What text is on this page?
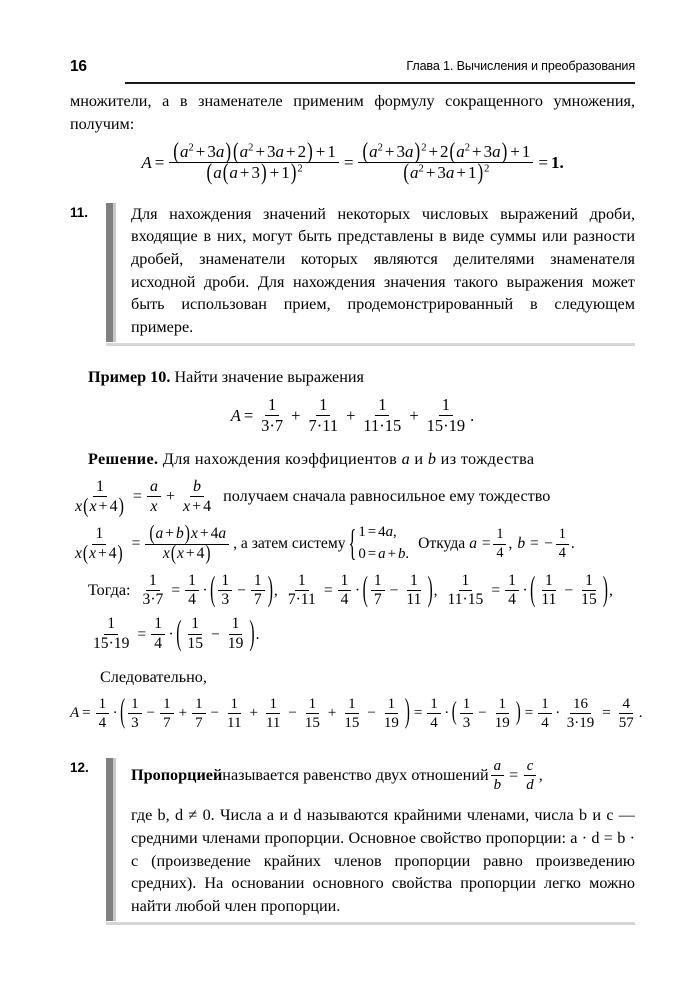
16	Глава 1. Вычисления и преобразования

множители, а в знаменателе применим формулу сокращенного умножения, получим:

$A = \frac{(a^2 + 3a) (a^2 + 3a + 2) + 1}{(a(a + 3) + 1)^2} = \frac{(a^2 + 3a)^2 + 2(a^2 + 3a) + 1}{(a^2 + 3a + 1)^2} = 1$.
11.	Для нахождения значений некоторых числовых выражений дроби, входящие в них, могут быть представлены в виде суммы или разности дробей, знаменатели которых являются делителями знаменателя исходной дроби. Для нахождения значения такого выражения может быть использован прием, продемонстрированный в следующем примере.

Пример 10. Найти значение выражения

$A = \frac{1}{3\cdot 7} + \frac{1}{7\cdot 11} + \frac{1}{11\cdot 15} + \frac{1}{15\cdot 19}$ .

Решение. Для нахождения коэффициентов a и b из тождества

$\frac{1}{x(x + 4)} = \frac{a}{x} + \frac{b}{x + 4}$ получаем сначала равносильное ему тождество
$\frac{1}{x(x + 4)} = \frac{(a + b)x + 4a}{x(x + 4)}$ , а затем систему { 1 = 4a,
0 = a + b.
Откуда $a = \frac{1}{4}$ , b = − $\frac{1}{4}$ .
Тогда: $\frac{1}{3\cdot 7} = \frac{1}{4}$ · ( $\frac{1}{3} - \frac{1}{7}$ ) , $\frac{1}{7\cdot 11} = \frac{1}{4}$ · ( $\frac{1}{7} - \frac{1}{11}$ ) , $\frac{1}{11\cdot 15} = \frac{1}{4}$ · ( $\frac{1}{11} - \frac{1}{15}$ ) ,
$\frac{1}{15\cdot 19} = \frac{1}{4}$ · ( $\frac{1}{15} - \frac{1}{19}$ ) .

Следовательно,

$A = \frac{1}{4}$ · ( $\frac{1}{3} - \frac{1}{7} + \frac{1}{7} - \frac{1}{11} + \frac{1}{11} - \frac{1}{15} + \frac{1}{15} - \frac{1}{19}$ ) = $\frac{1}{4}$ · ( $\frac{1}{3} - \frac{1}{19}$ ) = $\frac{1}{4} \cdot \frac{16}{3\cdot 19} = \frac{4}{57}$ .
12.	Пропорцией называется равенство двух отношений $\frac{a}{b} = \frac{c}{d}$ ,

где b, d ≠ 0. Числа a и d называются крайними членами, числа b и c — средними членами пропорции. Основное свойство пропорции: a · d = b · c (произведение крайних членов пропорции равно произведению средних). На основании основного свойства пропорции легко можно найти любой член пропорции.
